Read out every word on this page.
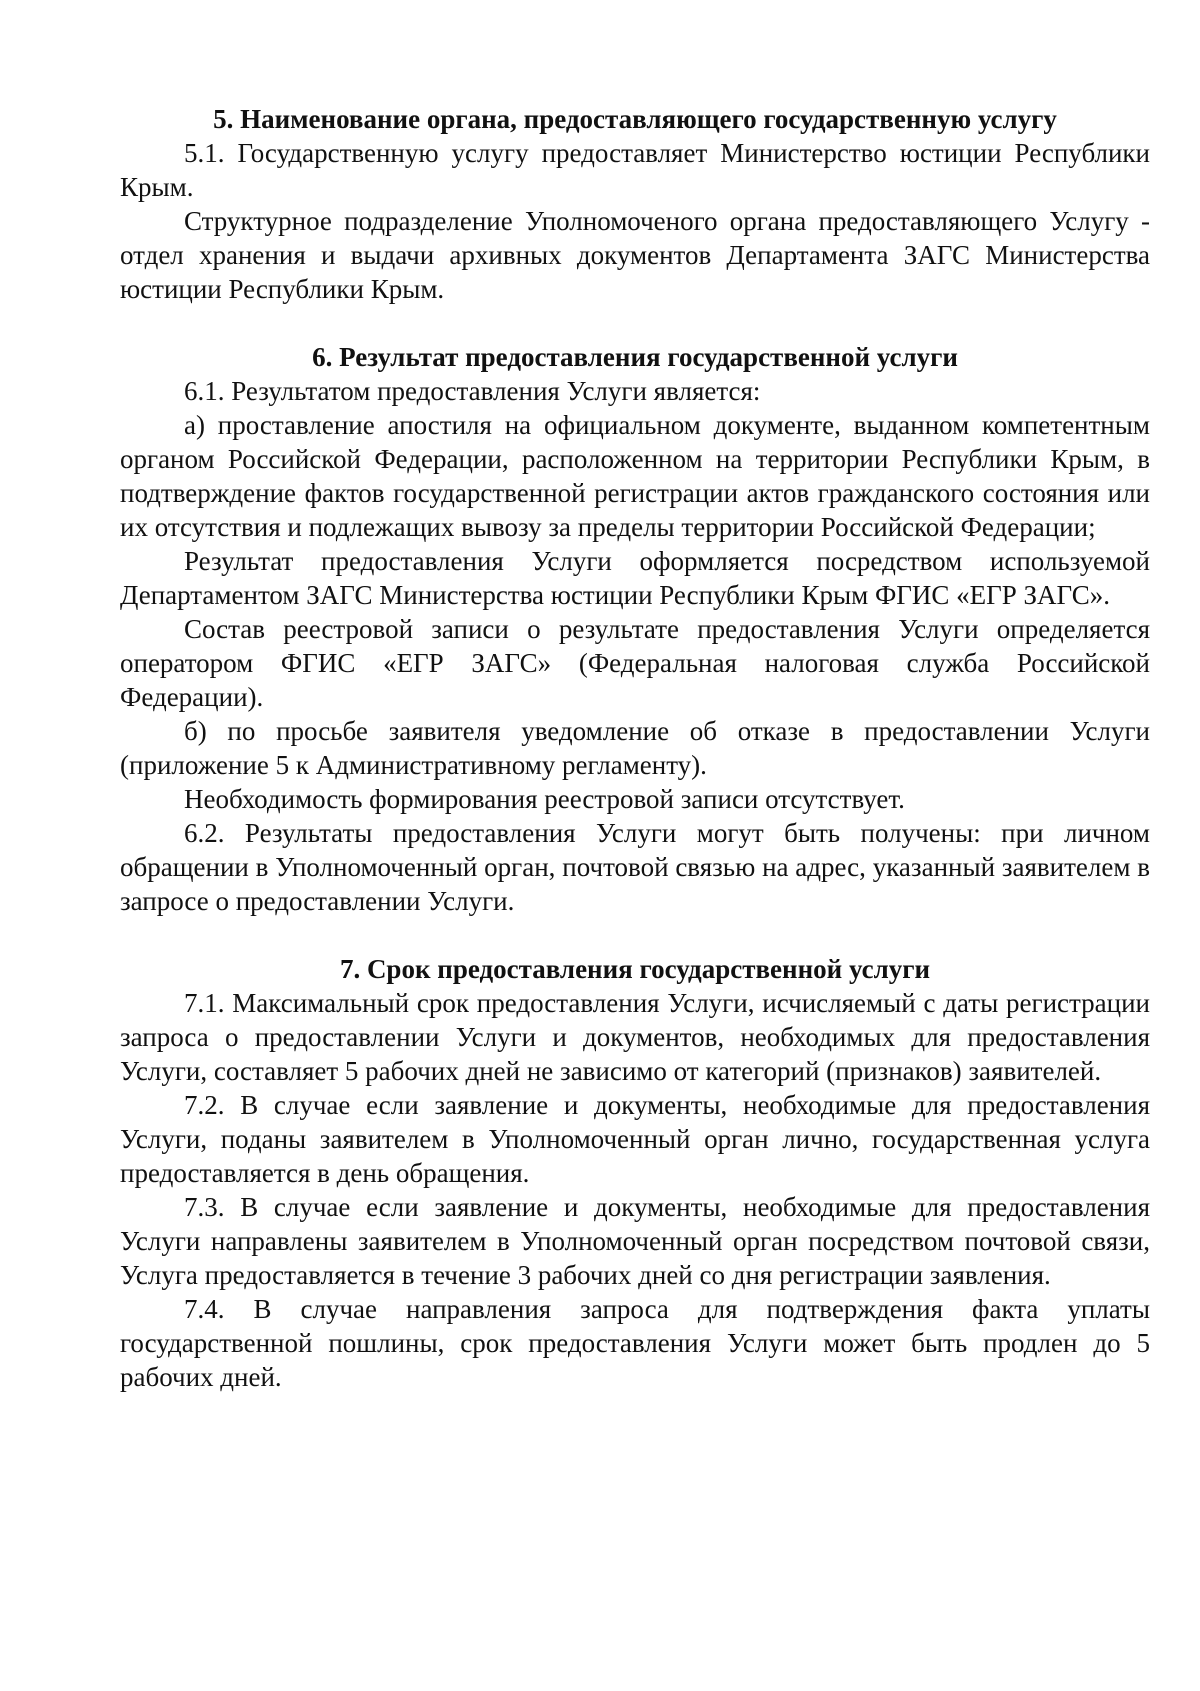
5. Наименование органа, предоставляющего государственную услугу

5.1. Государственную услугу предоставляет Министерство юстиции Республики Крым.

Структурное подразделение Уполномоченого органа предоставляющего Услугу - отдел хранения и выдачи архивных документов Департамента ЗАГС Министерства юстиции Республики Крым.

6. Результат предоставления государственной услуги

6.1. Результатом предоставления Услуги является:

а) проставление апостиля на официальном документе, выданном компетентным органом Российской Федерации, расположенном на территории Республики Крым, в подтверждение фактов государственной регистрации актов гражданского состояния или их отсутствия и подлежащих вывозу за пределы территории Российской Федерации;

Результат предоставления Услуги оформляется посредством используемой Департаментом ЗАГС Министерства юстиции Республики Крым ФГИС «ЕГР ЗАГС».

Состав реестровой записи о результате предоставления Услуги определяется оператором ФГИС «ЕГР ЗАГС» (Федеральная налоговая служба Российской Федерации).

б) по просьбе заявителя уведомление об отказе в предоставлении Услуги (приложение 5 к Административному регламенту).

Необходимость формирования реестровой записи отсутствует.

6.2. Результаты предоставления Услуги могут быть получены: при личном обращении в Уполномоченный орган, почтовой связью на адрес, указанный заявителем в запросе о предоставлении Услуги.

7. Срок предоставления государственной услуги

7.1. Максимальный срок предоставления Услуги, исчисляемый с даты регистрации запроса о предоставлении Услуги и документов, необходимых для предоставления Услуги, составляет 5 рабочих дней не зависимо от категорий (признаков) заявителей.

7.2. В случае если заявление и документы, необходимые для предоставления Услуги, поданы заявителем в Уполномоченный орган лично, государственная услуга предоставляется в день обращения.

7.3. В случае если заявление и документы, необходимые для предоставления Услуги направлены заявителем в Уполномоченный орган посредством почтовой связи, Услуга предоставляется в течение 3 рабочих дней со дня регистрации заявления.

7.4. В случае направления запроса для подтверждения факта уплаты государственной пошлины, срок предоставления Услуги может быть продлен до 5 рабочих дней.
